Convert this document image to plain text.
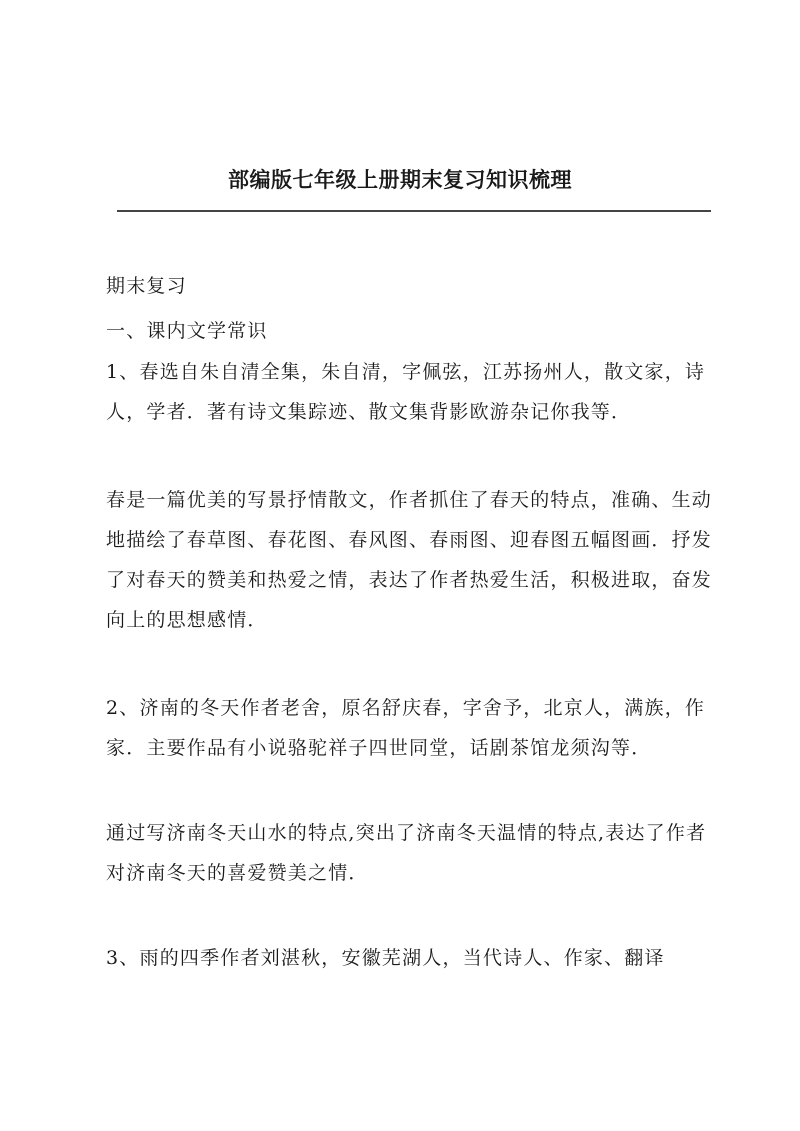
部编版七年级上册期末复习知识梳理
期末复习
一、课内文学常识

1、春选自朱自清全集，朱自清，字佩弦，江苏扬州人，散文家，诗人，学者．著有诗文集踪迹、散文集背影欧游杂记你我等．

春是一篇优美的写景抒情散文，作者抓住了春天的特点，准确、生动地描绘了春草图、春花图、春风图、春雨图、迎春图五幅图画．抒发了对春天的赞美和热爱之情，表达了作者热爱生活，积极进取，奋发向上的思想感情．

2、济南的冬天作者老舍，原名舒庆春，字舍予，北京人，满族，作家．主要作品有小说骆驼祥子四世同堂，话剧茶馆龙须沟等．

通过写济南冬天山水的特点,突出了济南冬天温情的特点,表达了作者对济南冬天的喜爱赞美之情．

3、雨的四季作者刘湛秋，安徽芜湖人，当代诗人、作家、翻译
